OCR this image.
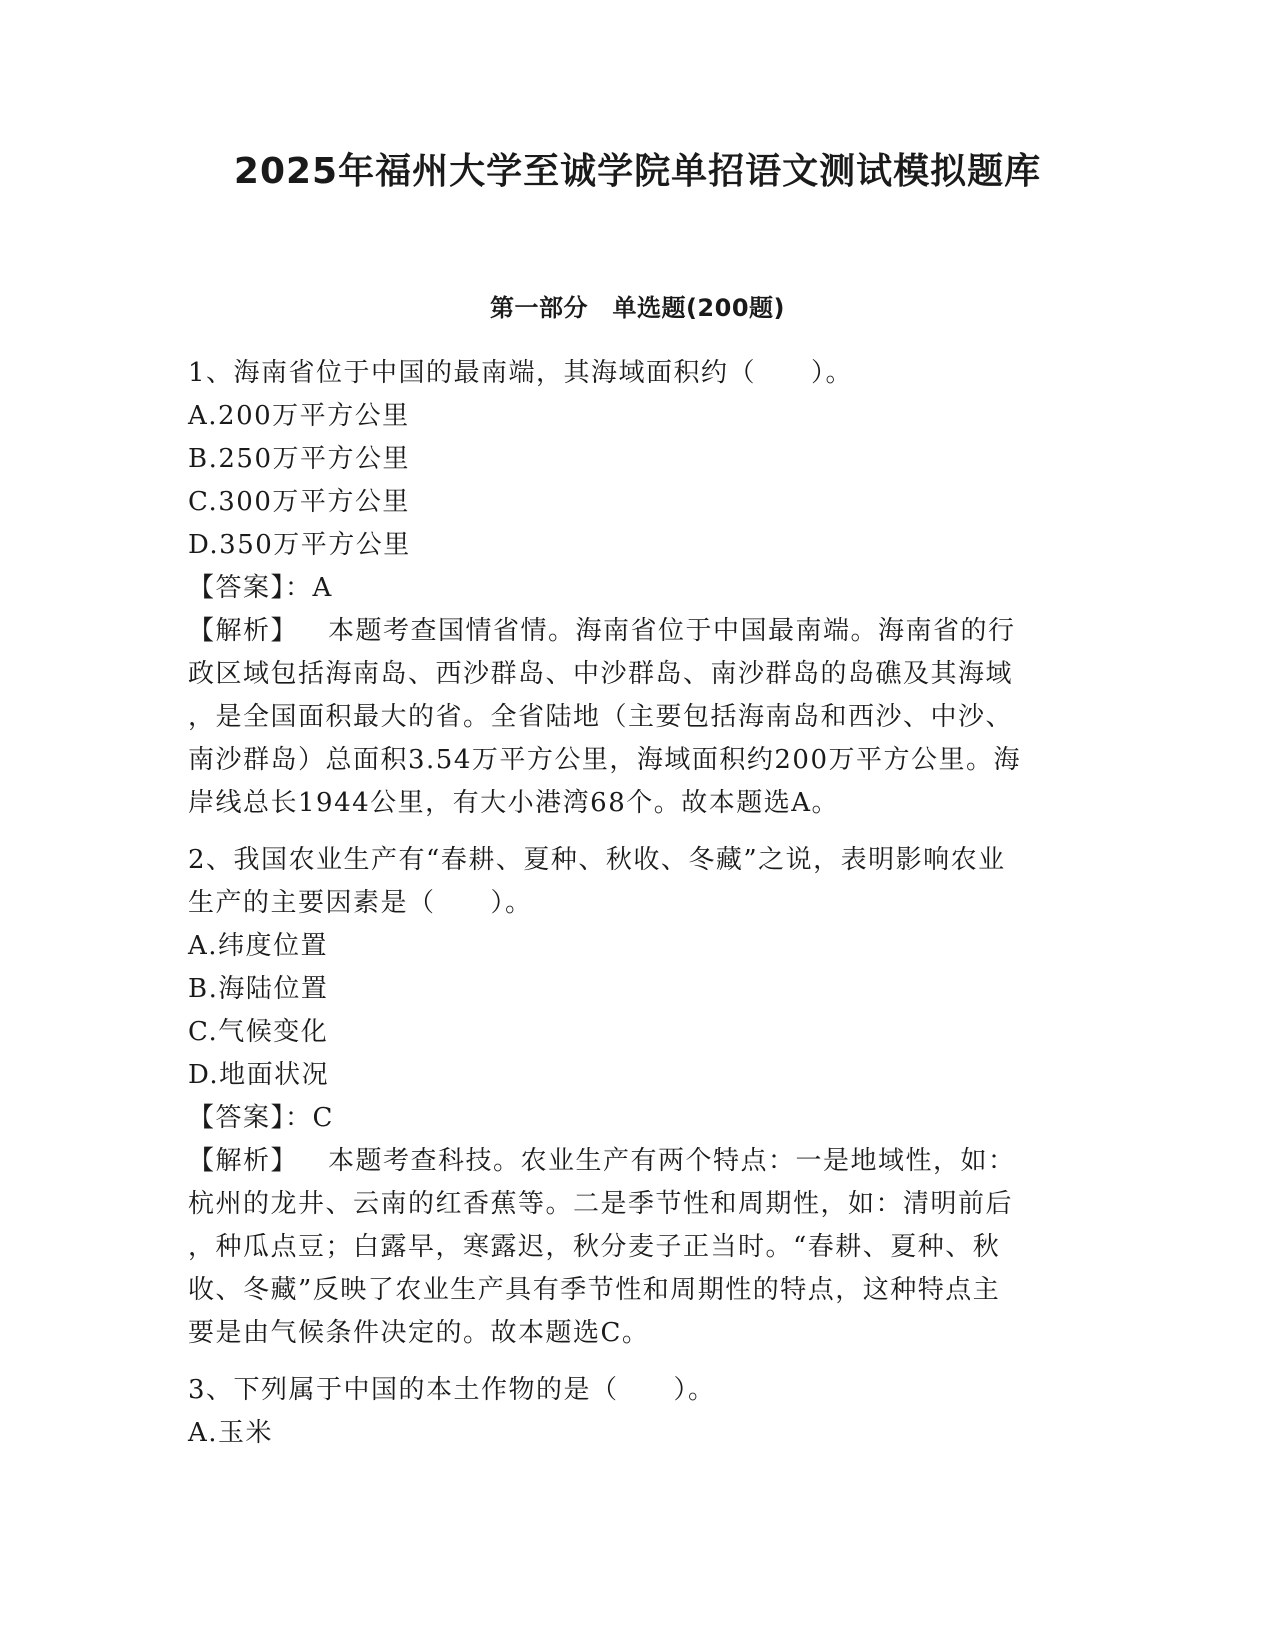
2025年福州大学至诚学院单招语文测试模拟题库
第一部分　单选题(200题)

1、海南省位于中国的最南端，其海域面积约（　　）。

A.200万平方公里

B.250万平方公里

C.300万平方公里

D.350万平方公里

【答案】：A

【解析】 本题考查国情省情。海南省位于中国最南端。海南省的行

政区域包括海南岛、西沙群岛、中沙群岛、南沙群岛的岛礁及其海域

，是全国面积最大的省。全省陆地（主要包括海南岛和西沙、中沙、

南沙群岛）总面积3.54万平方公里，海域面积约200万平方公里。海

岸线总长1944公里，有大小港湾68个。故本题选A。

2、我国农业生产有“春耕、夏种、秋收、冬藏”之说，表明影响农业

生产的主要因素是（　　）。

A.纬度位置

B.海陆位置

C.气候变化

D.地面状况

【答案】：C

【解析】 本题考查科技。农业生产有两个特点：一是地域性，如：

杭州的龙井、云南的红香蕉等。二是季节性和周期性，如：清明前后

，种瓜点豆；白露早，寒露迟，秋分麦子正当时。“春耕、夏种、秋

收、冬藏”反映了农业生产具有季节性和周期性的特点，这种特点主

要是由气候条件决定的。故本题选C。

3、下列属于中国的本土作物的是（　　）。

A.玉米
